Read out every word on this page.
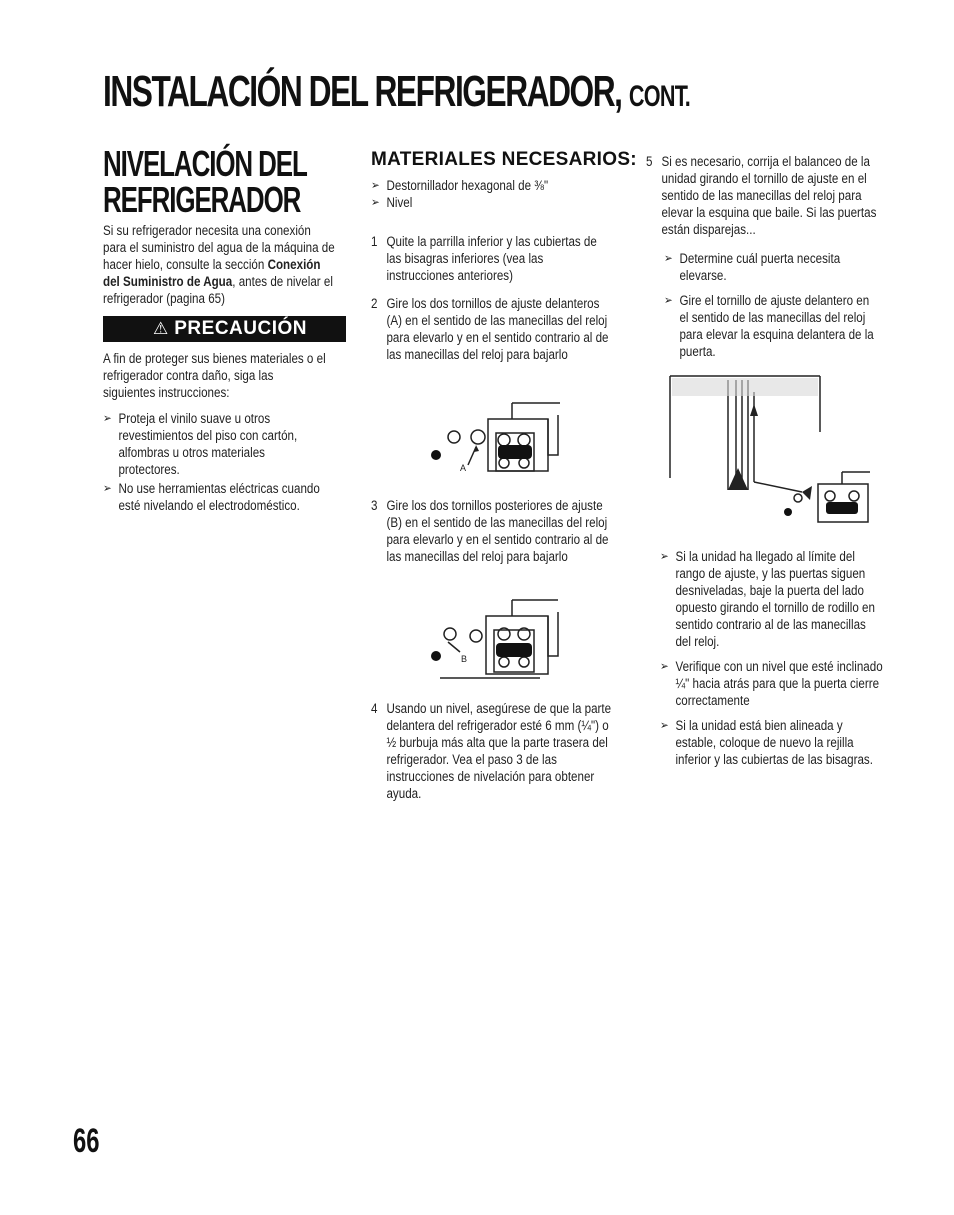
INSTALACIÓN DEL REFRIGERADOR, CONT.
NIVELACIÓN DEL
REFRIGERADOR
Si su refrigerador necesita una conexión para el suministro del agua de la máquina de hacer hielo, consulte la sección Conexión del Suministro de Agua, antes de nivelar el refrigerador (pagina 65)
⚠ PRECAUCIÓN
A fin de proteger sus bienes materiales o el refrigerador contra daño, siga las siguientes instrucciones:
➢ Proteja el vinilo suave u otros revestimientos del piso con cartón, alfombras u otros materiales protectores.
➢ No use herramientas eléctricas cuando esté nivelando el electrodoméstico.
MATERIALES NECESARIOS:
➢ Destornillador hexagonal de ⅜"
➢ Nivel
1 Quite la parrilla inferior y las cubiertas de las bisagras inferiores (vea las instrucciones anteriores)
2 Gire los dos tornillos de ajuste delanteros (A) en el sentido de las manecillas del reloj para elevarlo y en el sentido contrario al de las manecillas del reloj para bajarlo
A
3 Gire los dos tornillos posteriores de ajuste (B) en el sentido de las manecillas del reloj para elevarlo y en el sentido contrario al de las manecillas del reloj para bajarlo
B
4 Usando un nivel, asegúrese de que la parte delantera del refrigerador esté 6 mm (¼") o ½ burbuja más alta que la parte trasera del refrigerador. Vea el paso 3 de las instrucciones de nivelación para obtener ayuda.
5 Si es necesario, corrija el balanceo de la unidad girando el tornillo de ajuste en el sentido de las manecillas del reloj para elevar la esquina que baile. Si las puertas están disparejas...
➢ Determine cuál puerta necesita elevarse.
➢ Gire el tornillo de ajuste delantero en el sentido de las manecillas del reloj para elevar la esquina delantera de la puerta.
➢ Si la unidad ha llegado al límite del rango de ajuste, y las puertas siguen desniveladas, baje la puerta del lado opuesto girando el tornillo de rodillo en sentido contrario al de las manecillas del reloj.
➢ Verifique con un nivel que esté inclinado ¼" hacia atrás para que la puerta cierre correctamente
➢ Si la unidad está bien alineada y estable, coloque de nuevo la rejilla inferior y las cubiertas de las bisagras.
66
